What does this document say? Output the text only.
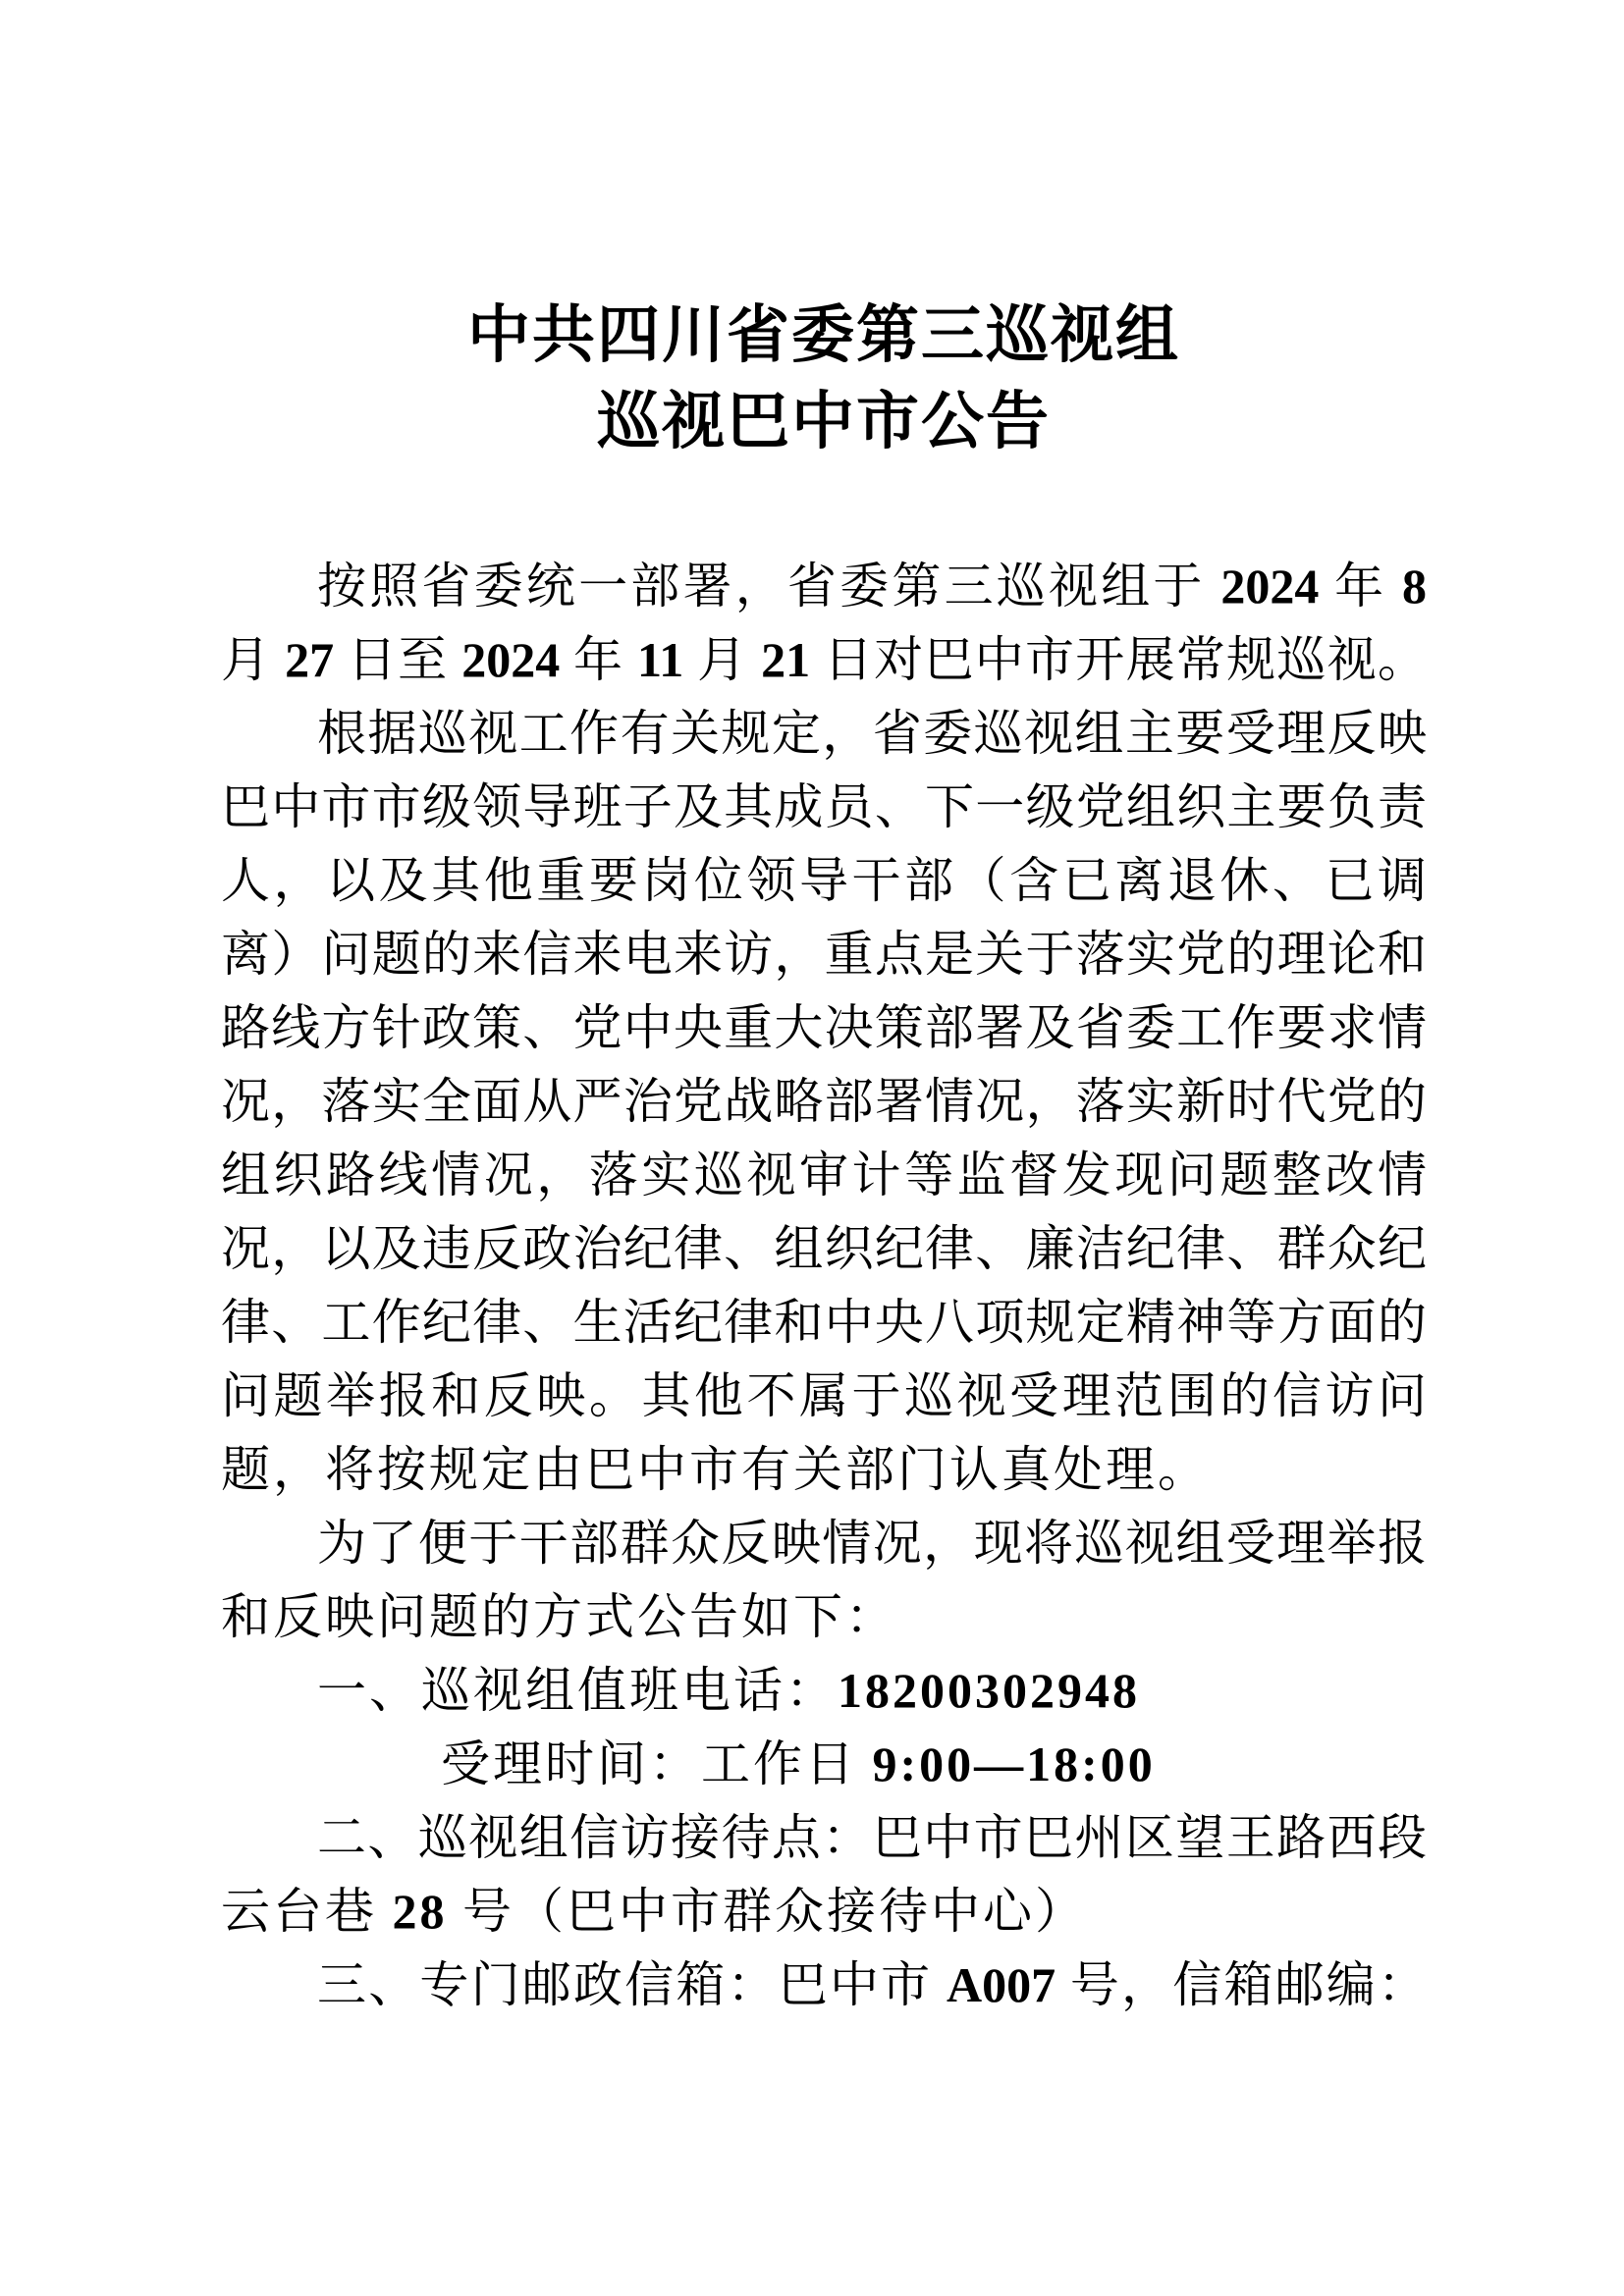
中共四川省委第三巡视组
巡视巴中市公告
按照省委统一部署，省委第三巡视组于 2024 年 8
月 27 日至 2024 年 11 月 21 日对巴中市开展常规巡视。
根据巡视工作有关规定，省委巡视组主要受理反映
巴中市市级领导班子及其成员、下一级党组织主要负责
人，以及其他重要岗位领导干部（含已离退休、已调
离）问题的来信来电来访，重点是关于落实党的理论和
路线方针政策、党中央重大决策部署及省委工作要求情
况，落实全面从严治党战略部署情况，落实新时代党的
组织路线情况，落实巡视审计等监督发现问题整改情
况，以及违反政治纪律、组织纪律、廉洁纪律、群众纪
律、工作纪律、生活纪律和中央八项规定精神等方面的
问题举报和反映。其他不属于巡视受理范围的信访问
题，将按规定由巴中市有关部门认真处理。
为了便于干部群众反映情况，现将巡视组受理举报
和反映问题的方式公告如下：
一、巡视组值班电话：18200302948
受理时间：工作日 9:00—18:00
二、巡视组信访接待点：巴中市巴州区望王路西段
云台巷 28 号（巴中市群众接待中心）
三、专门邮政信箱：巴中市 A007 号，信箱邮编：
